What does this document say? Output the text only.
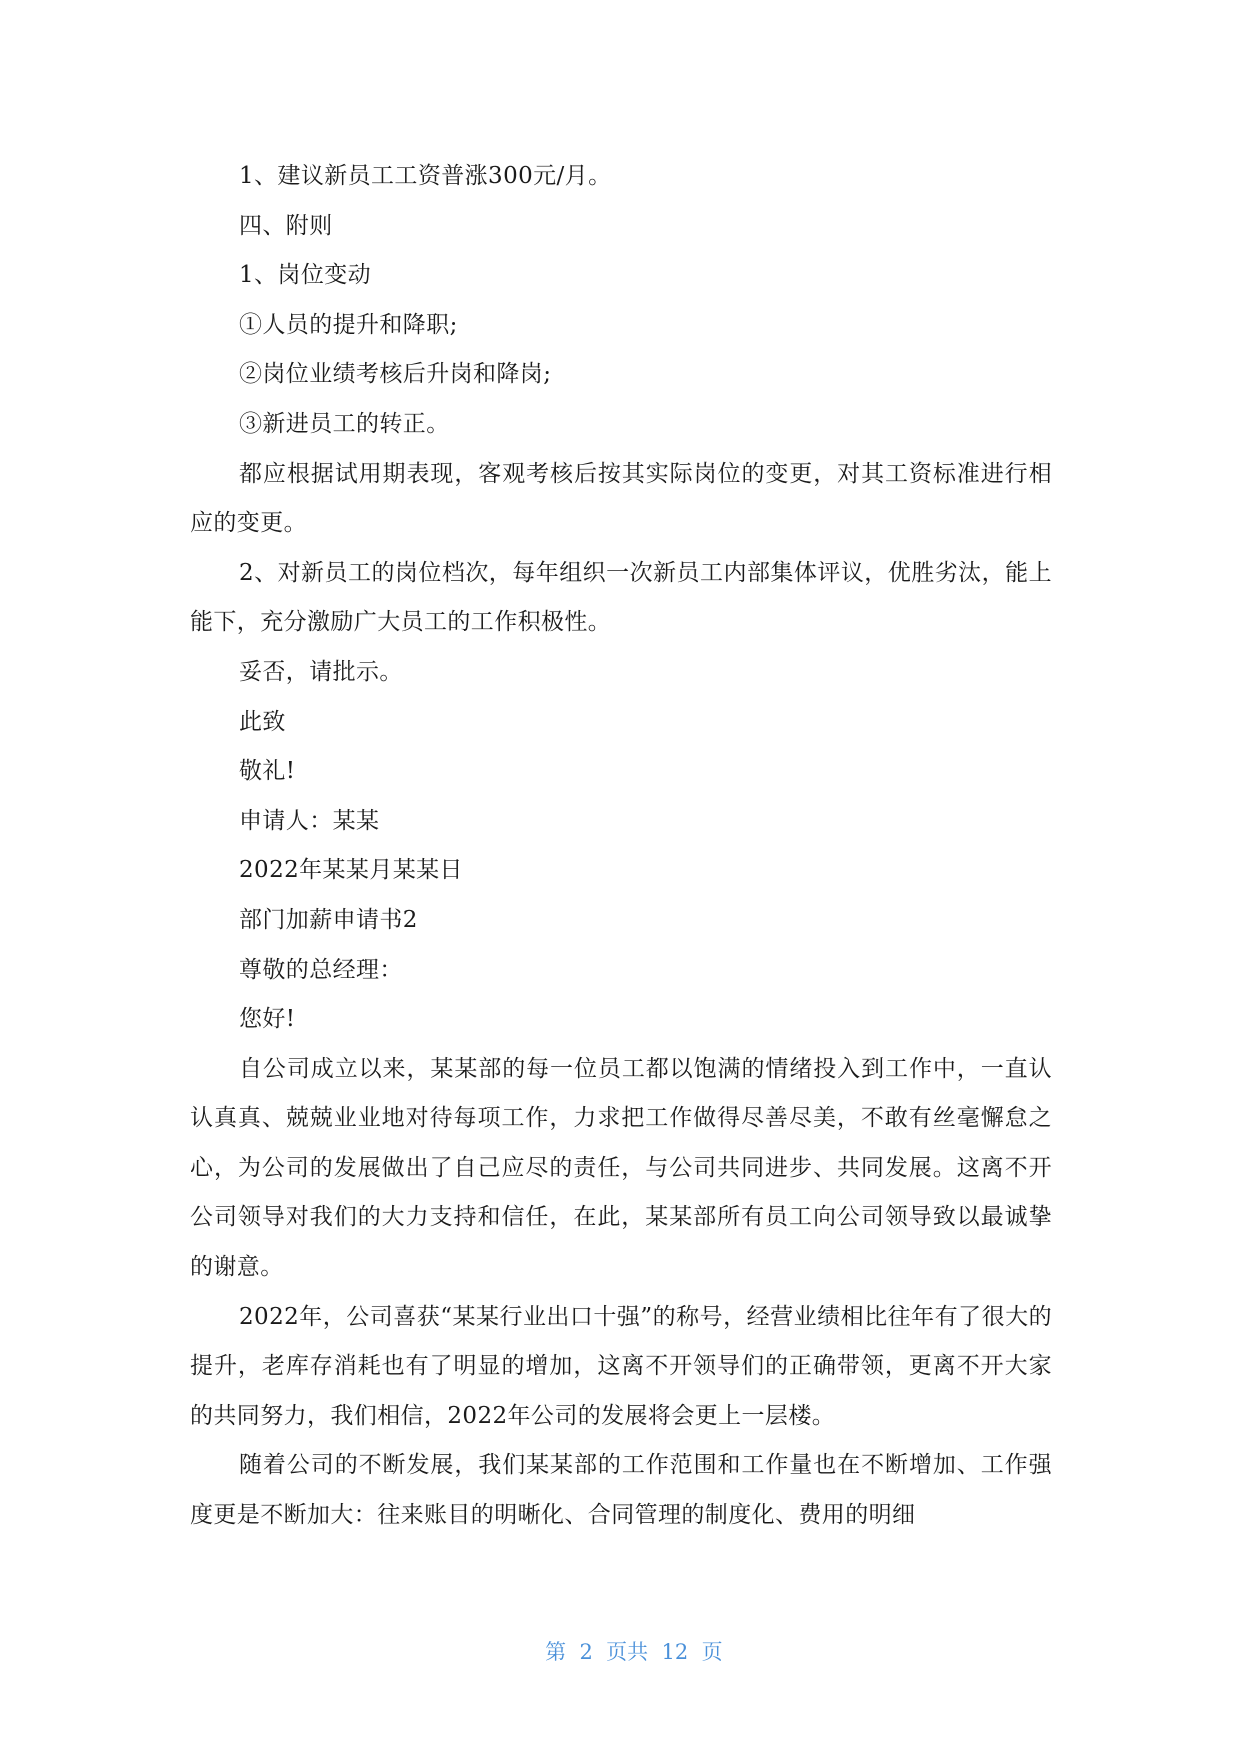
1、建议新员工工资普涨300元/月。

四、附则

1、岗位变动

①人员的提升和降职;

②岗位业绩考核后升岗和降岗;

③新进员工的转正。

都应根据试用期表现，客观考核后按其实际岗位的变更，对其工资标准进行相应的变更。

2、对新员工的岗位档次，每年组织一次新员工内部集体评议，优胜劣汰，能上能下，充分激励广大员工的工作积极性。

妥否，请批示。

此致

敬礼!

申请人：某某

2022年某某月某某日

部门加薪申请书2

尊敬的总经理：

您好!

自公司成立以来，某某部的每一位员工都以饱满的情绪投入到工作中，一直认认真真、兢兢业业地对待每项工作，力求把工作做得尽善尽美，不敢有丝毫懈怠之心，为公司的发展做出了自己应尽的责任，与公司共同进步、共同发展。这离不开公司领导对我们的大力支持和信任，在此，某某部所有员工向公司领导致以最诚挚的谢意。

2022年，公司喜获“某某行业出口十强”的称号，经营业绩相比往年有了很大的提升，老库存消耗也有了明显的增加，这离不开领导们的正确带领，更离不开大家的共同努力，我们相信，2022年公司的发展将会更上一层楼。

随着公司的不断发展，我们某某部的工作范围和工作量也在不断增加、工作强度更是不断加大：往来账目的明晰化、合同管理的制度化、费用的明细

第  2  页共  12  页
